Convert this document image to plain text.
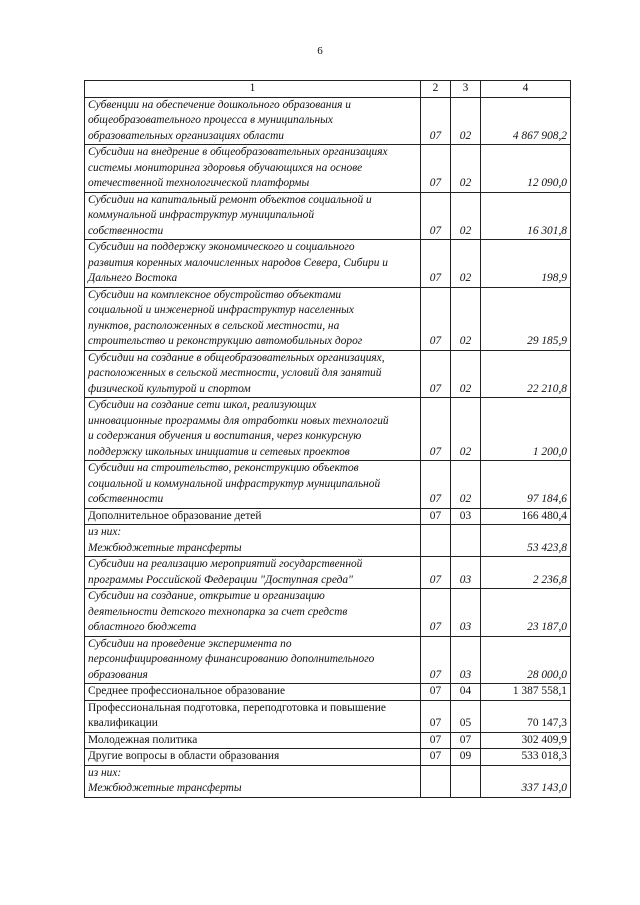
6
1	2	3	4

Субвенции на обеспечение дошкольного образования и
общеобразовательного процесса в муниципальных
образовательных организациях области	07	02	4 867 908,2

Субсидии на внедрение в общеобразовательных организациях
системы мониторинга здоровья обучающихся на основе
отечественной технологической платформы	07	02	12 090,0

Субсидии на капитальный ремонт объектов социальной и
коммунальной инфраструктур муниципальной
собственности	07	02	16 301,8

Субсидии на поддержку экономического и социального
развития коренных малочисленных народов Севера, Сибири и
Дальнего Востока	07	02	198,9

Субсидии на комплексное обустройство объектами
социальной и инженерной инфраструктур населенных
пунктов, расположенных в сельской местности, на
строительство и реконструкцию автомобильных дорог	07	02	29 185,9

Субсидии на создание в общеобразовательных организациях,
расположенных в сельской местности, условий для занятий
физической культурой и спортом	07	02	22 210,8

Субсидии на создание сети школ, реализующих
инновационные программы для отработки новых технологий
и содержания обучения и воспитания, через конкурсную
поддержку школьных инициатив и сетевых проектов	07	02	1 200,0

Субсидии на строительство, реконструкцию объектов
социальной и коммунальной инфраструктур муниципальной
собственности	07	02	97 184,6

Дополнительное образование детей	07	03	166 480,4

из них:
Межбюджетные трансферты			53 423,8

Субсидии на реализацию мероприятий государственной
программы Российской Федерации "Доступная среда"	07	03	2 236,8

Субсидии на создание, открытие и организацию
деятельности детского технопарка за счет средств
областного бюджета	07	03	23 187,0

Субсидии на проведение эксперимента по
персонифицированному финансированию дополнительного
образования	07	03	28 000,0

Среднее профессиональное образование	07	04	1 387 558,1

Профессиональная подготовка, переподготовка и повышение
квалификации	07	05	70 147,3

Молодежная политика	07	07	302 409,9

Другие вопросы в области образования	07	09	533 018,3

из них:
Межбюджетные трансферты			337 143,0
